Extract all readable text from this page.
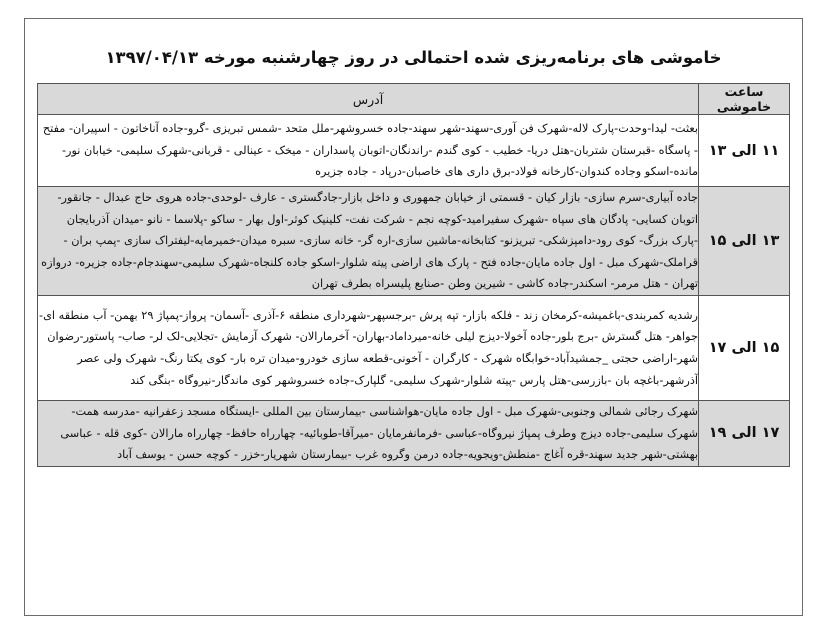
خاموشی های برنامه‌ریزی شده احتمالی در روز چهارشنبه مورخه ۱۳۹۷/۰۴/۱۳
ساعت خاموشی	آدرس
۱۱ الی ۱۳	بعثت- لیدا-وحدت-پارک لاله-شهرک فن آوری-سهند-شهر سهند-جاده خسروشهر-ملل متحد -شمس تبریزی -گرو-جاده آناخاتون - اسپیران- مفتح - پاسگاه -قبرستان شتربان-هتل دریا- خطیب - کوی گندم -راندنگان-اتوبان پاسداران - میخک - عینالی - قربانی-شهرک سلیمی- خیابان نور- مانده-اسکو وجاده کندوان-کارخانه فولاد-برق داری های خاصبان-درپاد - جاده جزیره
۱۳ الی ۱۵	جاده آبیاری-سرم سازی- بازار کیان - قسمتی از خیابان جمهوری و داخل بازار-جادگستری - عارف -لوحدی-جاده هروی حاج عبدال - جانقور-اتوبان کسایی- پادگان های سپاه -شهرک سفیرامید-کوچه نجم - شرکت نفت- کلینیک کوثر-اول بهار - ساکو -پلاسما - نانو -میدان آذربایجان -پارک بزرگ- کوی رود-دامپزشکی- تبریزنو- کتابخانه-ماشین سازی-اره گر- خانه سازی- سبره میدان-خمیرمایه-لیفتراک سازی -پمپ بران - قراملک-شهرک مبل - اول جاده مایان-جاده فتح - پارک های اراضی پیته شلوار-اسکو جاده کلنجاه-شهرک سلیمی-سهندجام-جاده جزیره- دروازه تهران - هتل مرمر- اسکندر-جاده کاشی - شیرین وطن -صنایع پلیسراه بطرف تهران
۱۵ الی ۱۷	رشدیه کمربندی-باغمیشه-کرمخان زند - فلکه بازار- تپه پرش -برجسپهر-شهرداری منطقه ۶-آذری -آسمان- پرواز-پمپاژ ۲۹ بهمن- آب منطقه ای-جواهر- هتل گسترش -برج بلور-جاده آخولا-دیزج لیلی خانه-میرداماد-بهاران- آخرمارالان- شهرک آزمایش -تجلایی-لک لر- صاب- پاستور-رضوان شهر-اراضی حجتی _جمشیدآباد-خوابگاه شهرک - کارگران - آخونی-قطعه سازی خودرو-میدان تره بار- کوی یکتا رنگ- شهرک ولی عصر آذرشهر-باغچه بان -بازرسی-هتل پارس -پیته شلوار-شهرک سلیمی- گلپارک-جاده خسروشهر کوی ماندگار-نیروگاه -بنگی کند
۱۷ الی ۱۹	شهرک رجائی شمالی وجنوبی-شهرک مبل - اول جاده مایان-هواشناسی -بیمارستان بین المللی -ایستگاه مسجد زعفرانیه -مدرسه همت- شهرک سلیمی-جاده دیزج وطرف پمپاژ نیروگاه-عباسی -فرمانفرمایان -میرآقا-طوبائیه- چهارراه حافظ- چهارراه مارالان -کوی قله - عباسی بهشتی-شهر جدید سهند-قره آغاج -منطش-ویجویه-جاده درمن وگروه غرب -بیمارستان شهریار-خزر - کوچه حسن - یوسف آباد
